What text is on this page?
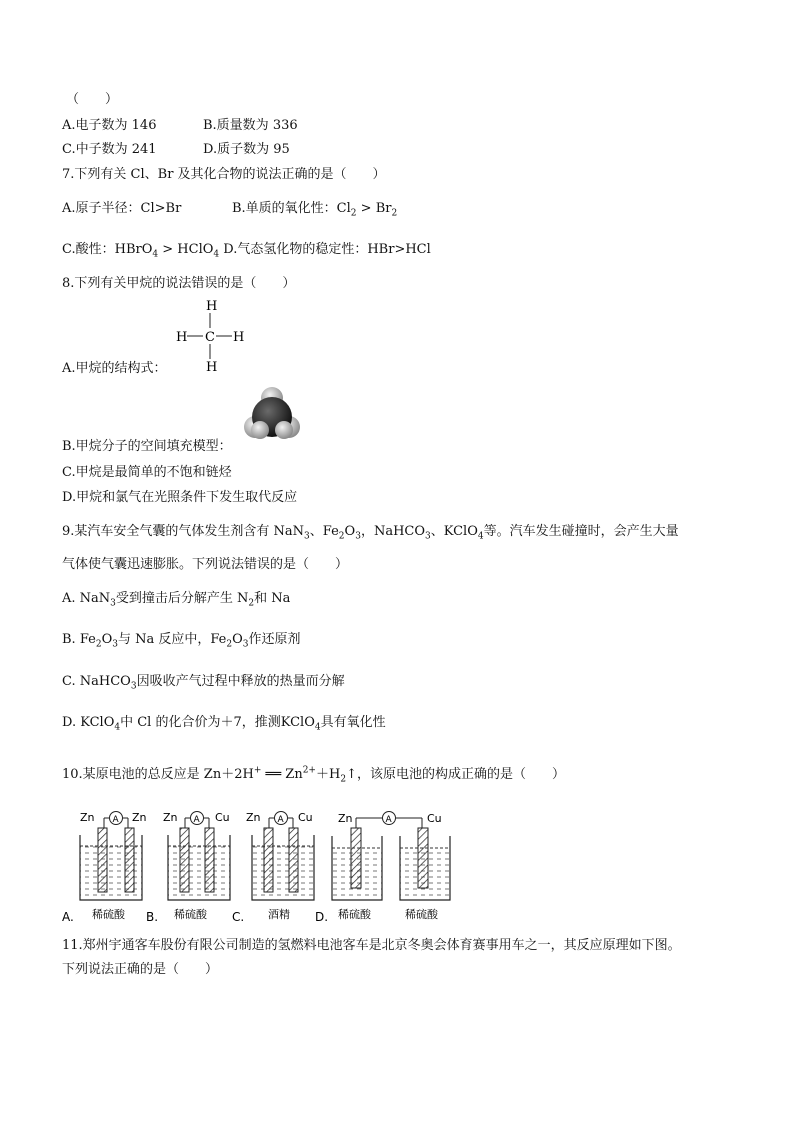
（　　）
A.电子数为 146	B.质量数为 336
C.中子数为 241	D.质子数为 95
7.下列有关 Cl、Br 及其化合物的说法正确的是（　　）
A.原子半径：Cl>Br	B.单质的氧化性：$Cl_2 > Br_2$
C.酸性：HBrO$_4$ > HClO$_4$ D.气态氢化物的稳定性：HBr>HCl
8.下列有关甲烷的说法错误的是（　　）
H
H C H
H
A.甲烷的结构式：
B.甲烷分子的空间填充模型：
C.甲烷是最简单的不饱和链烃
D.甲烷和氯气在光照条件下发生取代反应
9.某汽车安全气囊的气体发生剂含有 NaN$_3$、$Fe_2O_3$，NaHCO$_3$、KClO$_4$等。汽车发生碰撞时，会产生大量
气体使气囊迅速膨胀。下列说法错误的是（　　）
A. NaN$_3$受到撞击后分解产生 $N_2$和 Na
B. $Fe_2O_3$与 Na 反应中，$Fe_2O_3$作还原剂
C. NaHCO$_3$因吸收产气过程中释放的热量而分解
D. KClO$_4$中 Cl 的化合价为＋7，推测KClO$_4$具有氧化性
10.某原电池的总反应是 Zn＋2H+ ══ $Zn^{2+}+H_2↑$，该原电池的构成正确的是（　　）
Zn	Zn
A
A. 稀硫酸
Zn	Cu
A
B. 稀硫酸
Zn	Cu
A
C. 酒精
Zn	Cu
A
D. 稀硫酸	稀硫酸
11.郑州宇通客车股份有限公司制造的氢燃料电池客车是北京冬奥会体育赛事用车之一，其反应原理如下图。
下列说法正确的是（　　）
